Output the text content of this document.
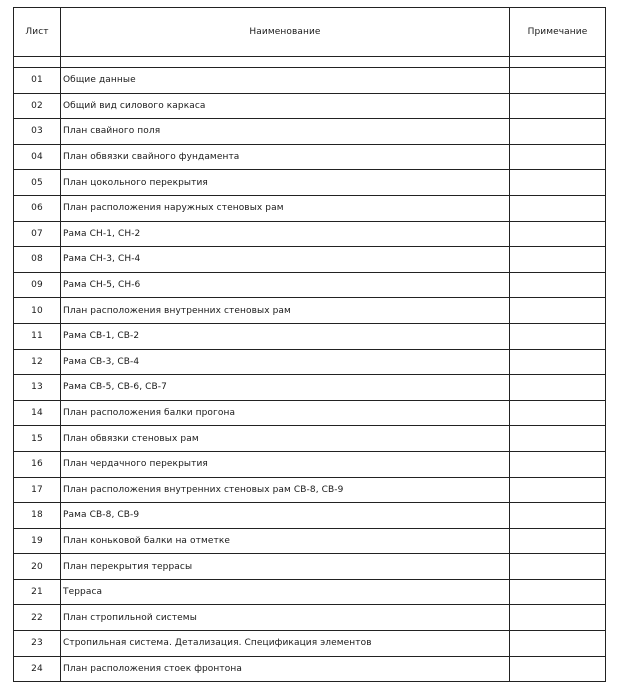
Лист	Наименование	Примечание

01	Общие данные	
02	Общий вид силового каркаса	
03	План свайного поля	
04	План обвязки свайного фундамента	
05	План цокольного перекрытия	
06	План расположения наружных стеновых рам	
07	Рама СН-1, СН-2	
08	Рама СН-3, СН-4	
09	Рама СН-5, СН-6	
10	План расположения внутренних стеновых рам	
11	Рама СВ-1, СВ-2	
12	Рама СВ-3, СВ-4	
13	Рама СВ-5, СВ-6, СВ-7	
14	План расположения балки прогона	
15	План обвязки стеновых рам	
16	План чердачного перекрытия	
17	План расположения внутренних стеновых рам СВ-8, СВ-9	
18	Рама СВ-8, СВ-9	
19	План коньковой балки на отметке	
20	План перекрытия террасы	
21	Терраса	
22	План стропильной системы	
23	Стропильная система. Детализация. Спецификация элементов	
24	План расположения стоек фронтона	
